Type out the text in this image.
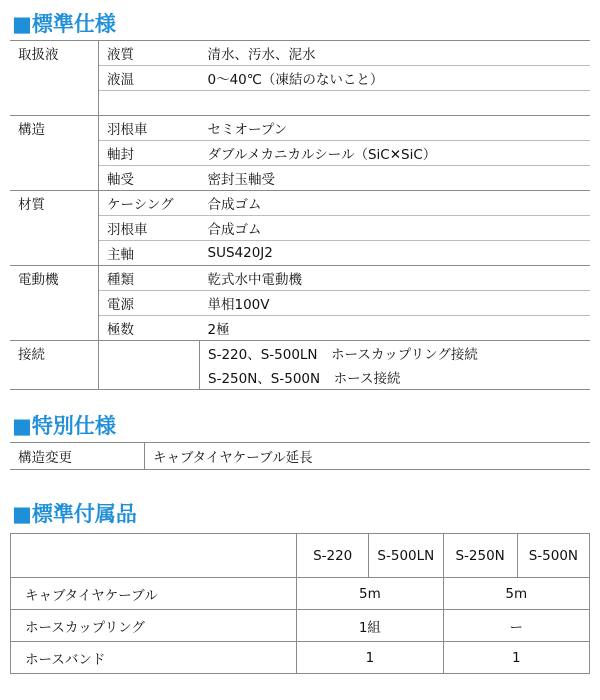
■標準仕様
取扱液	液質	清水、汚水、泥水
	液温	0～40℃（凍結のないこと）

構造	羽根車	セミオープン
	軸封	ダブルメカニカルシール（SiC✕SiC）
	軸受	密封玉軸受
材質	ケーシング	合成ゴム
	羽根車	合成ゴム
	主軸	SUS420J2
電動機	種類	乾式水中電動機
	電源	単相100V
	極数	2極
接続		S-220、S-500LN　ホースカップリング接続
		S-250N、S-500N　ホース接続
■特別仕様
構造変更	キャブタイヤケーブル延長
■標準付属品
	S-220	S-500LN	S-250N	S-500N
キャブタイヤケーブル	5m		5m	
ホースカップリング	1組		ー	
ホースバンド	1		1	
